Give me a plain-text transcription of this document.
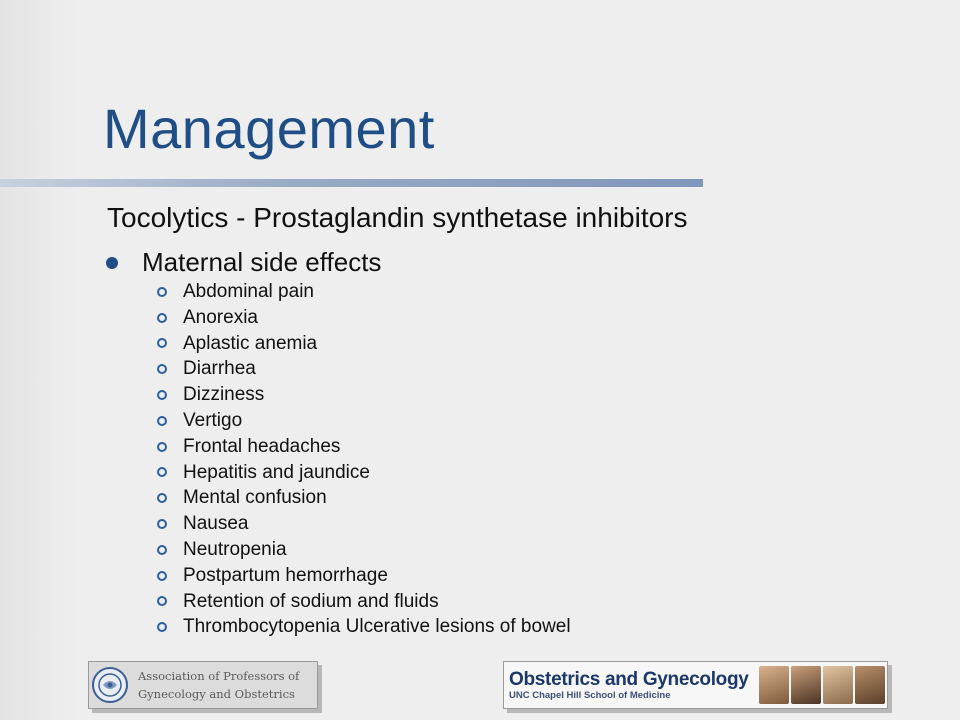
Management
Tocolytics - Prostaglandin synthetase inhibitors
Maternal side effects
Abdominal pain
Anorexia
Aplastic anemia
Diarrhea
Dizziness
Vertigo
Frontal headaches
Hepatitis and jaundice
Mental confusion
Nausea
Neutropenia
Postpartum hemorrhage
Retention of sodium and fluids
Thrombocytopenia Ulcerative lesions of bowel
Association of Professors of
Gynecology and Obstetrics
Obstetrics and Gynecology
UNC Chapel Hill School of Medicine
